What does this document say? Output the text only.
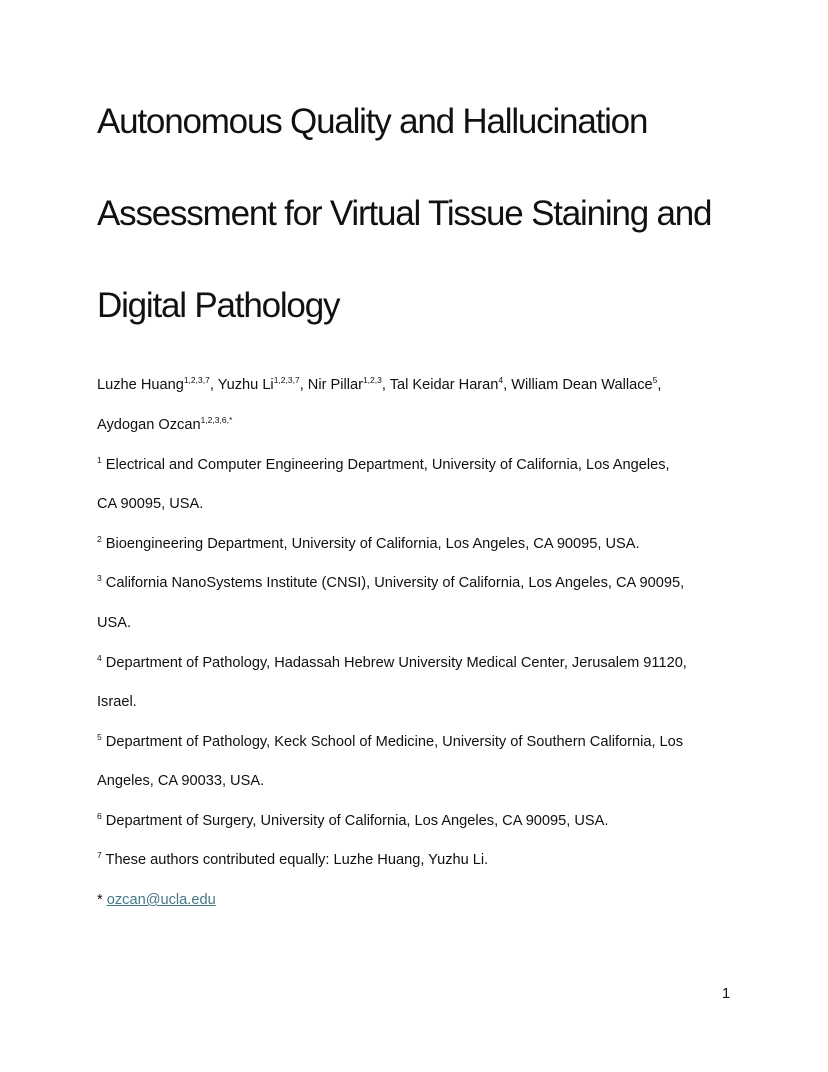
Autonomous Quality and Hallucination
Assessment for Virtual Tissue Staining and
Digital Pathology
Luzhe Huang$^{1,2,3,7}$, Yuzhu Li$^{1,2,3,7}$, Nir Pillar$^{1,2,3}$, Tal Keidar Haran$^4$, William Dean Wallace$^5$,
Aydogan Ozcan$^{1,2,3,6,*}$
$^1$ Electrical and Computer Engineering Department, University of California, Los Angeles,
CA 90095, USA.
$^2$ Bioengineering Department, University of California, Los Angeles, CA 90095, USA.
$^3$ California NanoSystems Institute (CNSI), University of California, Los Angeles, CA 90095,
USA.
$^4$ Department of Pathology, Hadassah Hebrew University Medical Center, Jerusalem 91120,
Israel.
$^5$ Department of Pathology, Keck School of Medicine, University of Southern California, Los
Angeles, CA 90033, USA.
$^6$ Department of Surgery, University of California, Los Angeles, CA 90095, USA.
$^7$ These authors contributed equally: Luzhe Huang, Yuzhu Li.
* ozcan@ucla.edu
1
